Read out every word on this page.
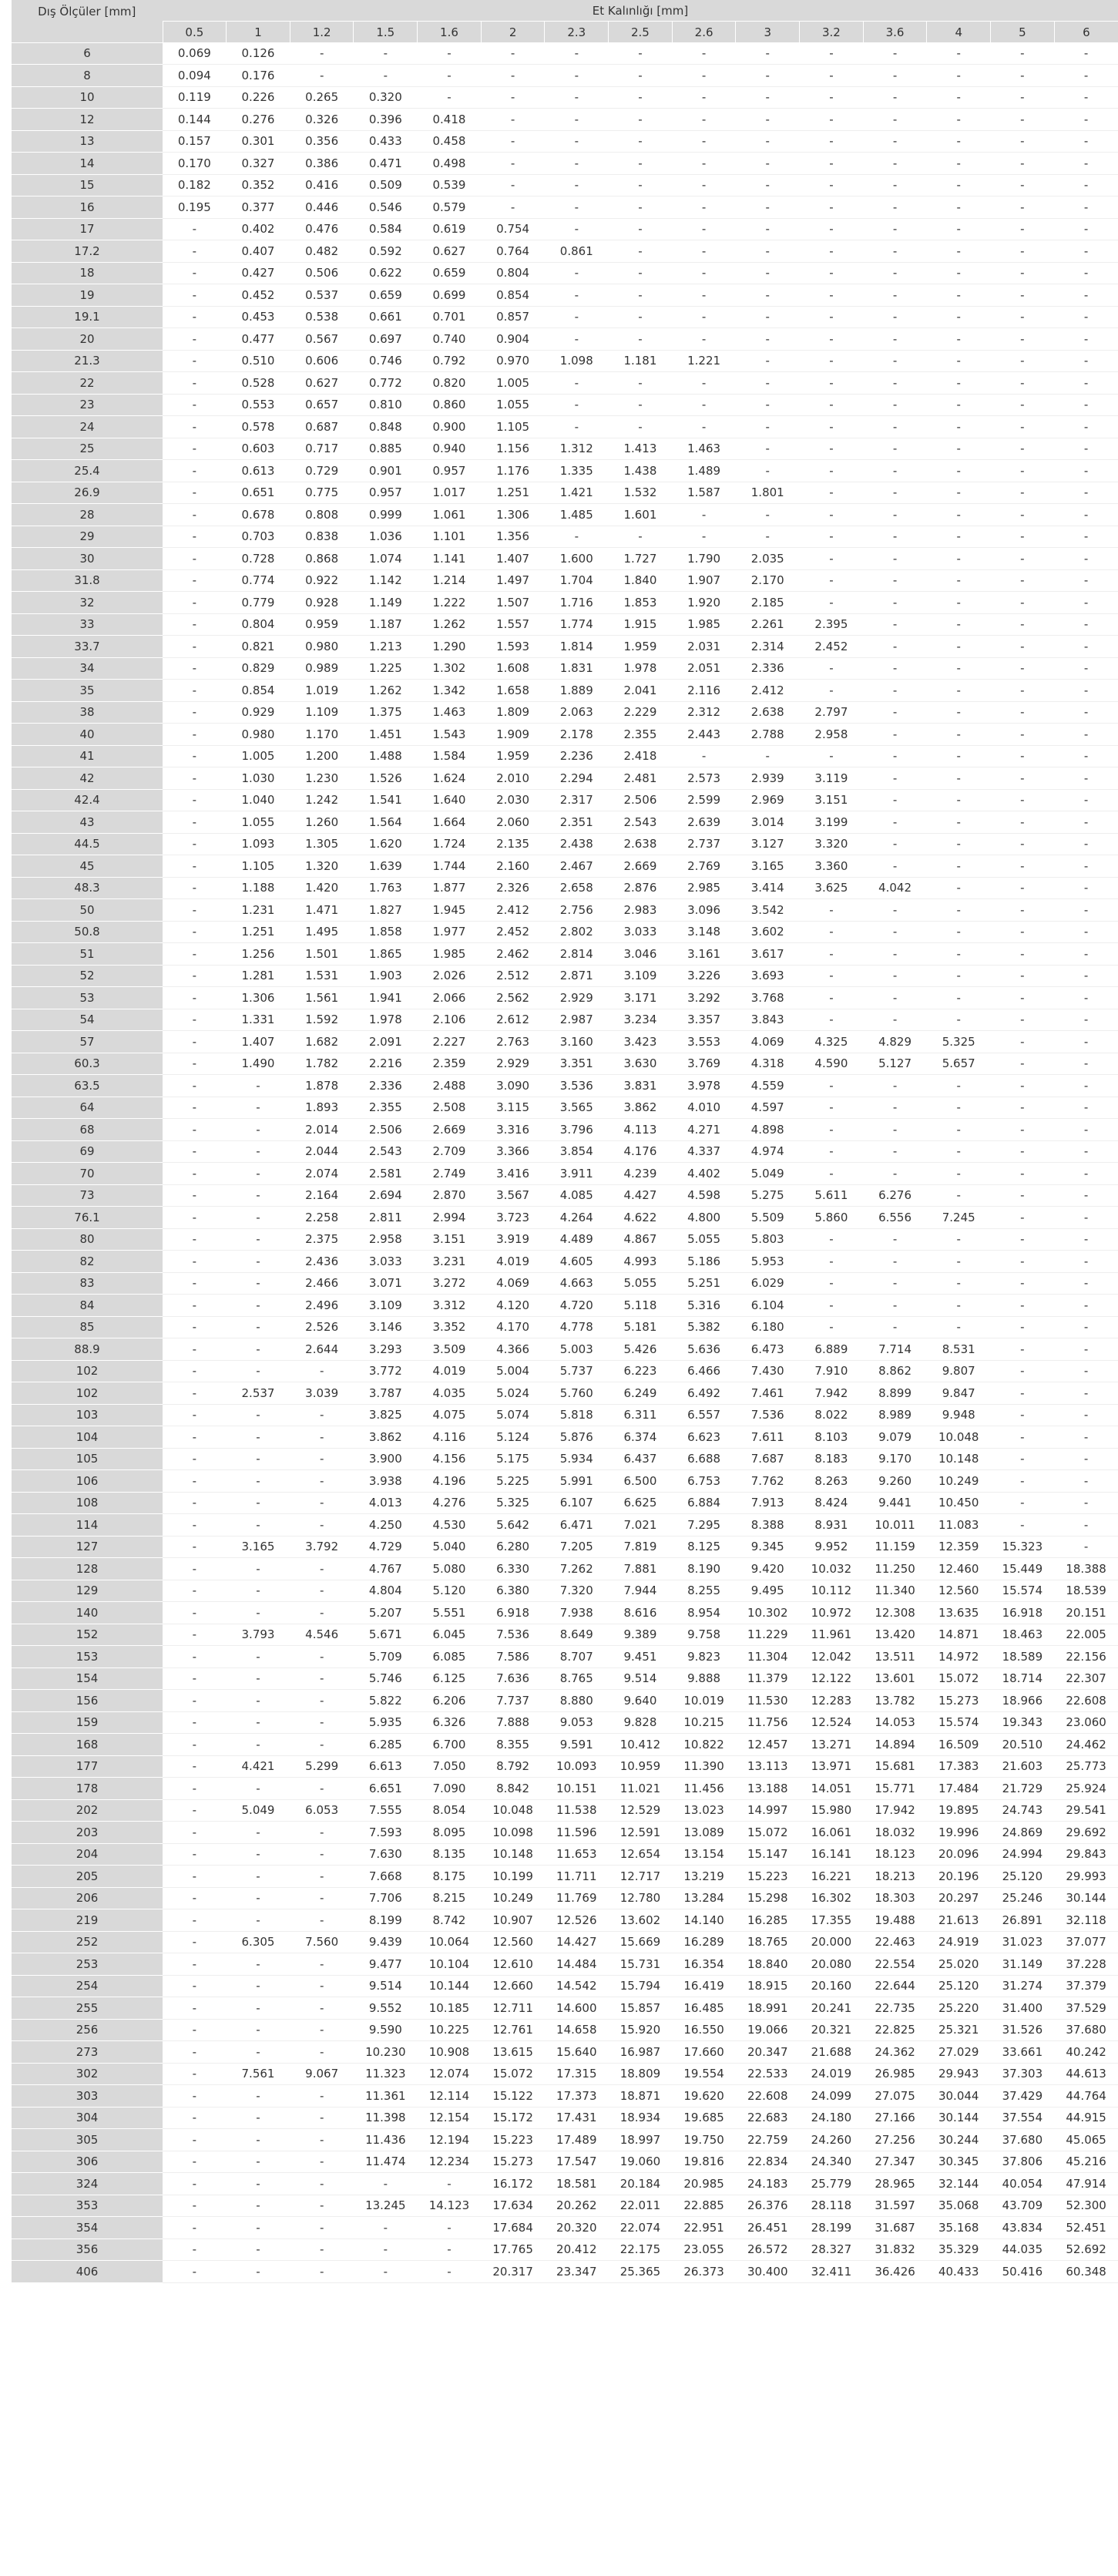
Dış Ölçüler [mm]	Et Kalınlığı [mm]														
	0.5	1	1.2	1.5	1.6	2	2.3	2.5	2.6	3	3.2	3.6	4	5	6
6	0.069	0.126	-	-	-	-	-	-	-	-	-	-	-	-	-
8	0.094	0.176	-	-	-	-	-	-	-	-	-	-	-	-	-
10	0.119	0.226	0.265	0.320	-	-	-	-	-	-	-	-	-	-	-
12	0.144	0.276	0.326	0.396	0.418	-	-	-	-	-	-	-	-	-	-
13	0.157	0.301	0.356	0.433	0.458	-	-	-	-	-	-	-	-	-	-
14	0.170	0.327	0.386	0.471	0.498	-	-	-	-	-	-	-	-	-	-
15	0.182	0.352	0.416	0.509	0.539	-	-	-	-	-	-	-	-	-	-
16	0.195	0.377	0.446	0.546	0.579	-	-	-	-	-	-	-	-	-	-
17	-	0.402	0.476	0.584	0.619	0.754	-	-	-	-	-	-	-	-	-
17.2	-	0.407	0.482	0.592	0.627	0.764	0.861	-	-	-	-	-	-	-	-
18	-	0.427	0.506	0.622	0.659	0.804	-	-	-	-	-	-	-	-	-
19	-	0.452	0.537	0.659	0.699	0.854	-	-	-	-	-	-	-	-	-
19.1	-	0.453	0.538	0.661	0.701	0.857	-	-	-	-	-	-	-	-	-
20	-	0.477	0.567	0.697	0.740	0.904	-	-	-	-	-	-	-	-	-
21.3	-	0.510	0.606	0.746	0.792	0.970	1.098	1.181	1.221	-	-	-	-	-	-
22	-	0.528	0.627	0.772	0.820	1.005	-	-	-	-	-	-	-	-	-
23	-	0.553	0.657	0.810	0.860	1.055	-	-	-	-	-	-	-	-	-
24	-	0.578	0.687	0.848	0.900	1.105	-	-	-	-	-	-	-	-	-
25	-	0.603	0.717	0.885	0.940	1.156	1.312	1.413	1.463	-	-	-	-	-	-
25.4	-	0.613	0.729	0.901	0.957	1.176	1.335	1.438	1.489	-	-	-	-	-	-
26.9	-	0.651	0.775	0.957	1.017	1.251	1.421	1.532	1.587	1.801	-	-	-	-	-
28	-	0.678	0.808	0.999	1.061	1.306	1.485	1.601	-	-	-	-	-	-	-
29	-	0.703	0.838	1.036	1.101	1.356	-	-	-	-	-	-	-	-	-
30	-	0.728	0.868	1.074	1.141	1.407	1.600	1.727	1.790	2.035	-	-	-	-	-
31.8	-	0.774	0.922	1.142	1.214	1.497	1.704	1.840	1.907	2.170	-	-	-	-	-
32	-	0.779	0.928	1.149	1.222	1.507	1.716	1.853	1.920	2.185	-	-	-	-	-
33	-	0.804	0.959	1.187	1.262	1.557	1.774	1.915	1.985	2.261	2.395	-	-	-	-
33.7	-	0.821	0.980	1.213	1.290	1.593	1.814	1.959	2.031	2.314	2.452	-	-	-	-
34	-	0.829	0.989	1.225	1.302	1.608	1.831	1.978	2.051	2.336	-	-	-	-	-
35	-	0.854	1.019	1.262	1.342	1.658	1.889	2.041	2.116	2.412	-	-	-	-	-
38	-	0.929	1.109	1.375	1.463	1.809	2.063	2.229	2.312	2.638	2.797	-	-	-	-
40	-	0.980	1.170	1.451	1.543	1.909	2.178	2.355	2.443	2.788	2.958	-	-	-	-
41	-	1.005	1.200	1.488	1.584	1.959	2.236	2.418	-	-	-	-	-	-	-
42	-	1.030	1.230	1.526	1.624	2.010	2.294	2.481	2.573	2.939	3.119	-	-	-	-
42.4	-	1.040	1.242	1.541	1.640	2.030	2.317	2.506	2.599	2.969	3.151	-	-	-	-
43	-	1.055	1.260	1.564	1.664	2.060	2.351	2.543	2.639	3.014	3.199	-	-	-	-
44.5	-	1.093	1.305	1.620	1.724	2.135	2.438	2.638	2.737	3.127	3.320	-	-	-	-
45	-	1.105	1.320	1.639	1.744	2.160	2.467	2.669	2.769	3.165	3.360	-	-	-	-
48.3	-	1.188	1.420	1.763	1.877	2.326	2.658	2.876	2.985	3.414	3.625	4.042	-	-	-
50	-	1.231	1.471	1.827	1.945	2.412	2.756	2.983	3.096	3.542	-	-	-	-	-
50.8	-	1.251	1.495	1.858	1.977	2.452	2.802	3.033	3.148	3.602	-	-	-	-	-
51	-	1.256	1.501	1.865	1.985	2.462	2.814	3.046	3.161	3.617	-	-	-	-	-
52	-	1.281	1.531	1.903	2.026	2.512	2.871	3.109	3.226	3.693	-	-	-	-	-
53	-	1.306	1.561	1.941	2.066	2.562	2.929	3.171	3.292	3.768	-	-	-	-	-
54	-	1.331	1.592	1.978	2.106	2.612	2.987	3.234	3.357	3.843	-	-	-	-	-
57	-	1.407	1.682	2.091	2.227	2.763	3.160	3.423	3.553	4.069	4.325	4.829	5.325	-	-
60.3	-	1.490	1.782	2.216	2.359	2.929	3.351	3.630	3.769	4.318	4.590	5.127	5.657	-	-
63.5	-	-	1.878	2.336	2.488	3.090	3.536	3.831	3.978	4.559	-	-	-	-	-
64	-	-	1.893	2.355	2.508	3.115	3.565	3.862	4.010	4.597	-	-	-	-	-
68	-	-	2.014	2.506	2.669	3.316	3.796	4.113	4.271	4.898	-	-	-	-	-
69	-	-	2.044	2.543	2.709	3.366	3.854	4.176	4.337	4.974	-	-	-	-	-
70	-	-	2.074	2.581	2.749	3.416	3.911	4.239	4.402	5.049	-	-	-	-	-
73	-	-	2.164	2.694	2.870	3.567	4.085	4.427	4.598	5.275	5.611	6.276	-	-	-
76.1	-	-	2.258	2.811	2.994	3.723	4.264	4.622	4.800	5.509	5.860	6.556	7.245	-	-
80	-	-	2.375	2.958	3.151	3.919	4.489	4.867	5.055	5.803	-	-	-	-	-
82	-	-	2.436	3.033	3.231	4.019	4.605	4.993	5.186	5.953	-	-	-	-	-
83	-	-	2.466	3.071	3.272	4.069	4.663	5.055	5.251	6.029	-	-	-	-	-
84	-	-	2.496	3.109	3.312	4.120	4.720	5.118	5.316	6.104	-	-	-	-	-
85	-	-	2.526	3.146	3.352	4.170	4.778	5.181	5.382	6.180	-	-	-	-	-
88.9	-	-	2.644	3.293	3.509	4.366	5.003	5.426	5.636	6.473	6.889	7.714	8.531	-	-
102	-	-	-	3.772	4.019	5.004	5.737	6.223	6.466	7.430	7.910	8.862	9.807	-	-
102	-	2.537	3.039	3.787	4.035	5.024	5.760	6.249	6.492	7.461	7.942	8.899	9.847	-	-
103	-	-	-	3.825	4.075	5.074	5.818	6.311	6.557	7.536	8.022	8.989	9.948	-	-
104	-	-	-	3.862	4.116	5.124	5.876	6.374	6.623	7.611	8.103	9.079	10.048	-	-
105	-	-	-	3.900	4.156	5.175	5.934	6.437	6.688	7.687	8.183	9.170	10.148	-	-
106	-	-	-	3.938	4.196	5.225	5.991	6.500	6.753	7.762	8.263	9.260	10.249	-	-
108	-	-	-	4.013	4.276	5.325	6.107	6.625	6.884	7.913	8.424	9.441	10.450	-	-
114	-	-	-	4.250	4.530	5.642	6.471	7.021	7.295	8.388	8.931	10.011	11.083	-	-
127	-	3.165	3.792	4.729	5.040	6.280	7.205	7.819	8.125	9.345	9.952	11.159	12.359	15.323	-
128	-	-	-	4.767	5.080	6.330	7.262	7.881	8.190	9.420	10.032	11.250	12.460	15.449	18.388
129	-	-	-	4.804	5.120	6.380	7.320	7.944	8.255	9.495	10.112	11.340	12.560	15.574	18.539
140	-	-	-	5.207	5.551	6.918	7.938	8.616	8.954	10.302	10.972	12.308	13.635	16.918	20.151
152	-	3.793	4.546	5.671	6.045	7.536	8.649	9.389	9.758	11.229	11.961	13.420	14.871	18.463	22.005
153	-	-	-	5.709	6.085	7.586	8.707	9.451	9.823	11.304	12.042	13.511	14.972	18.589	22.156
154	-	-	-	5.746	6.125	7.636	8.765	9.514	9.888	11.379	12.122	13.601	15.072	18.714	22.307
156	-	-	-	5.822	6.206	7.737	8.880	9.640	10.019	11.530	12.283	13.782	15.273	18.966	22.608
159	-	-	-	5.935	6.326	7.888	9.053	9.828	10.215	11.756	12.524	14.053	15.574	19.343	23.060
168	-	-	-	6.285	6.700	8.355	9.591	10.412	10.822	12.457	13.271	14.894	16.509	20.510	24.462
177	-	4.421	5.299	6.613	7.050	8.792	10.093	10.959	11.390	13.113	13.971	15.681	17.383	21.603	25.773
178	-	-	-	6.651	7.090	8.842	10.151	11.021	11.456	13.188	14.051	15.771	17.484	21.729	25.924
202	-	5.049	6.053	7.555	8.054	10.048	11.538	12.529	13.023	14.997	15.980	17.942	19.895	24.743	29.541
203	-	-	-	7.593	8.095	10.098	11.596	12.591	13.089	15.072	16.061	18.032	19.996	24.869	29.692
204	-	-	-	7.630	8.135	10.148	11.653	12.654	13.154	15.147	16.141	18.123	20.096	24.994	29.843
205	-	-	-	7.668	8.175	10.199	11.711	12.717	13.219	15.223	16.221	18.213	20.196	25.120	29.993
206	-	-	-	7.706	8.215	10.249	11.769	12.780	13.284	15.298	16.302	18.303	20.297	25.246	30.144
219	-	-	-	8.199	8.742	10.907	12.526	13.602	14.140	16.285	17.355	19.488	21.613	26.891	32.118
252	-	6.305	7.560	9.439	10.064	12.560	14.427	15.669	16.289	18.765	20.000	22.463	24.919	31.023	37.077
253	-	-	-	9.477	10.104	12.610	14.484	15.731	16.354	18.840	20.080	22.554	25.020	31.149	37.228
254	-	-	-	9.514	10.144	12.660	14.542	15.794	16.419	18.915	20.160	22.644	25.120	31.274	37.379
255	-	-	-	9.552	10.185	12.711	14.600	15.857	16.485	18.991	20.241	22.735	25.220	31.400	37.529
256	-	-	-	9.590	10.225	12.761	14.658	15.920	16.550	19.066	20.321	22.825	25.321	31.526	37.680
273	-	-	-	10.230	10.908	13.615	15.640	16.987	17.660	20.347	21.688	24.362	27.029	33.661	40.242
302	-	7.561	9.067	11.323	12.074	15.072	17.315	18.809	19.554	22.533	24.019	26.985	29.943	37.303	44.613
303	-	-	-	11.361	12.114	15.122	17.373	18.871	19.620	22.608	24.099	27.075	30.044	37.429	44.764
304	-	-	-	11.398	12.154	15.172	17.431	18.934	19.685	22.683	24.180	27.166	30.144	37.554	44.915
305	-	-	-	11.436	12.194	15.223	17.489	18.997	19.750	22.759	24.260	27.256	30.244	37.680	45.065
306	-	-	-	11.474	12.234	15.273	17.547	19.060	19.816	22.834	24.340	27.347	30.345	37.806	45.216
324	-	-	-	-	-	16.172	18.581	20.184	20.985	24.183	25.779	28.965	32.144	40.054	47.914
353	-	-	-	13.245	14.123	17.634	20.262	22.011	22.885	26.376	28.118	31.597	35.068	43.709	52.300
354	-	-	-	-	-	17.684	20.320	22.074	22.951	26.451	28.199	31.687	35.168	43.834	52.451
356	-	-	-	-	-	17.765	20.412	22.175	23.055	26.572	28.327	31.832	35.329	44.035	52.692
406	-	-	-	-	-	20.317	23.347	25.365	26.373	30.400	32.411	36.426	40.433	50.416	60.348
